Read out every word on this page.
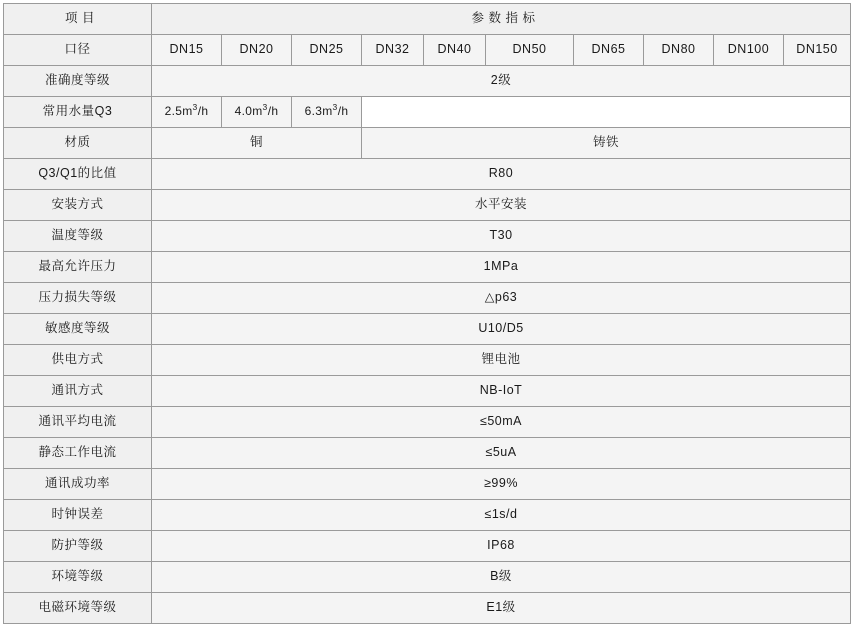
项 目	参 数 指 标									
口径	DN15	DN20	DN25	DN32	DN40	DN50	DN65	DN80	DN100	DN150
准确度等级	2级									
常用水量Q3	$2.5m^3/h$	$4.0m^3/h$	$6.3m^3/h$							
材质	铜			铸铁						
Q3/Q1的比值	R80									
安装方式	水平安装									
温度等级	T30									
最高允许压力	1MPa									
压力损失等级	△p63									
敏感度等级	U10/D5									
供电方式	锂电池									
通讯方式	NB-IoT									
通讯平均电流	≤50mA									
静态工作电流	≤5uA									
通讯成功率	≥99%									
时钟误差	≤1s/d									
防护等级	IP68									
环境等级	B级									
电磁环境等级	E1级									
